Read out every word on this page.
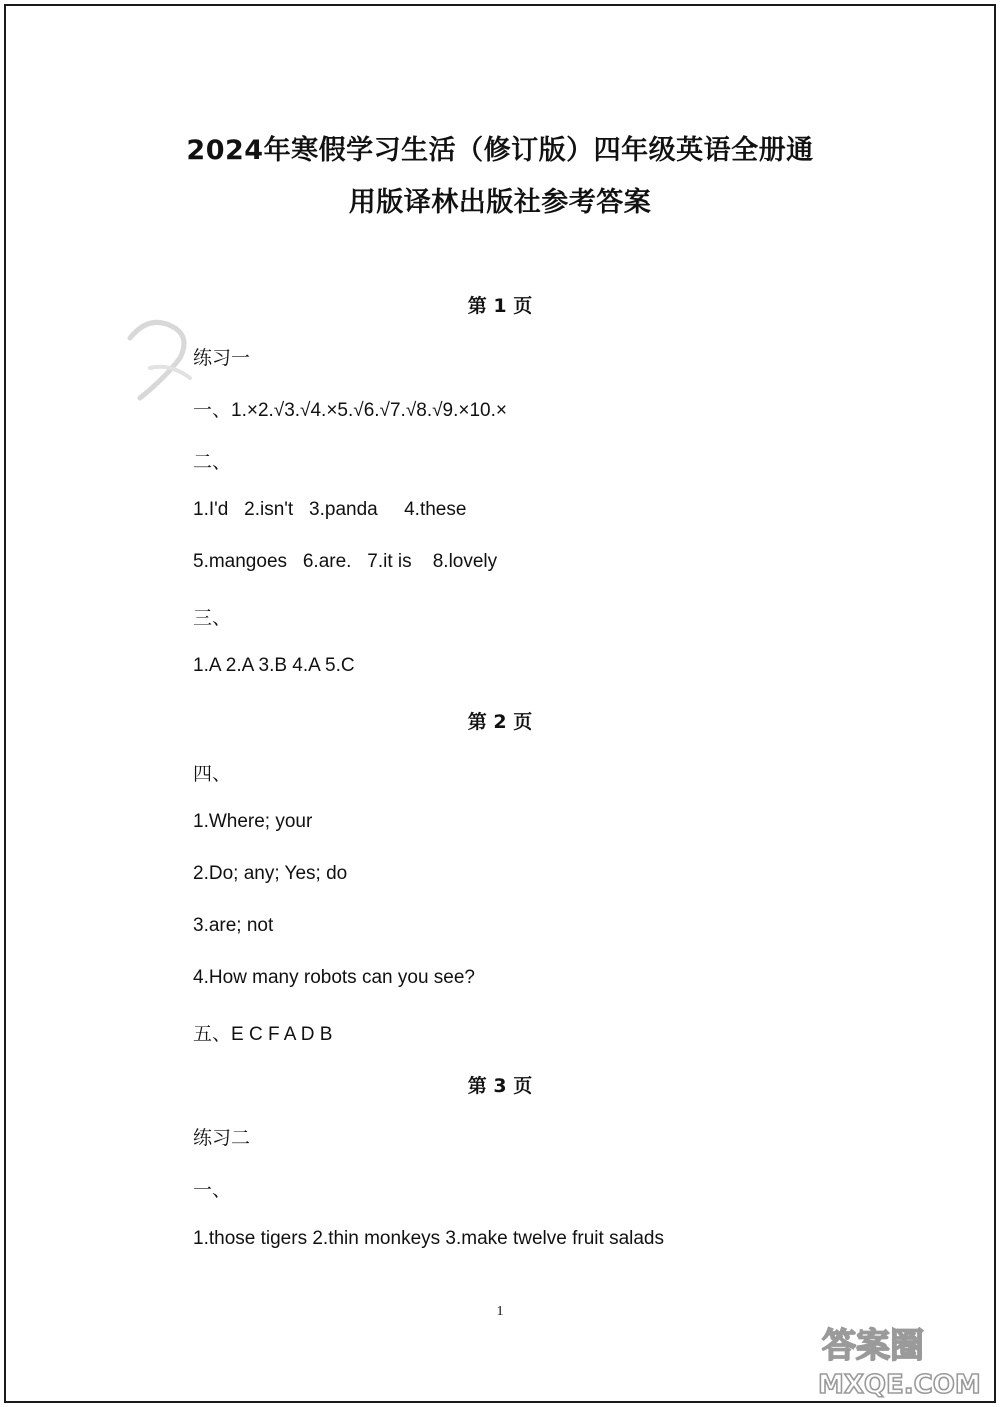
2024年寒假学习生活（修订版）四年级英语全册通
用版译林出版社参考答案
第 1 页
练习一
一、1.×2.√3.√4.×5.√6.√7.√8.√9.×10.×
二、
1.I'd   2.isn't   3.panda     4.these
5.mangoes   6.are.   7.it is    8.lovely
三、
1.A 2.A 3.B 4.A 5.C
第 2 页
四、
1.Where; your
2.Do; any; Yes; do
3.are; not
4.How many robots can you see?
五、E C F A D B
第 3 页
练习二
一、
1.those tigers 2.thin monkeys 3.make twelve fruit salads
1
答案圈
MXQE.COM
